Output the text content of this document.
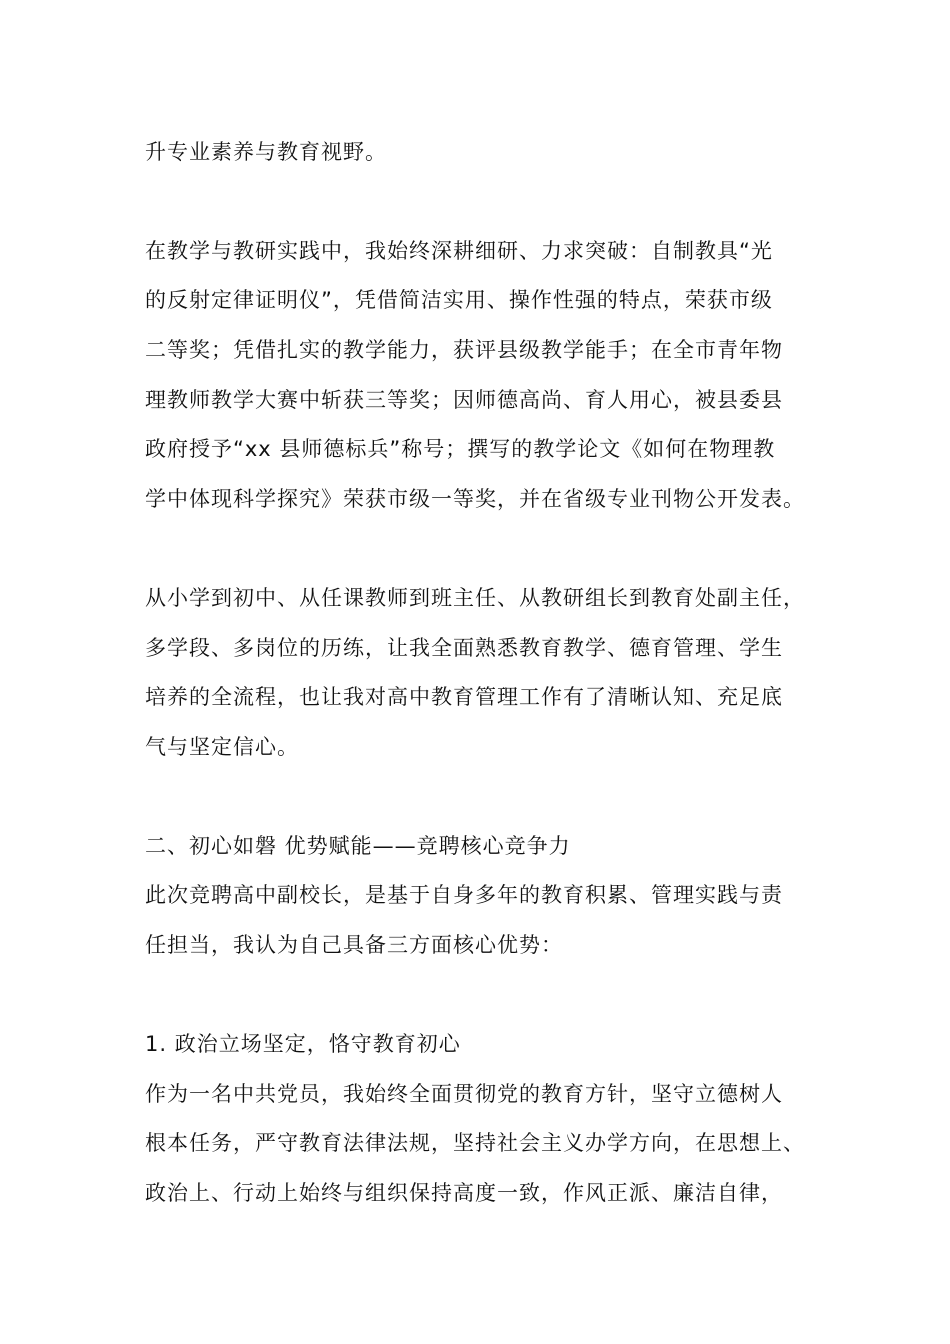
升专业素养与教育视野。
在教学与教研实践中，我始终深耕细研、力求突破：自制教具“光
的反射定律证明仪”，凭借简洁实用、操作性强的特点，荣获市级
二等奖；凭借扎实的教学能力，获评县级教学能手；在全市青年物
理教师教学大赛中斩获三等奖；因师德高尚、育人用心，被县委县
政府授予“xx 县师德标兵”称号；撰写的教学论文《如何在物理教
学中体现科学探究》荣获市级一等奖，并在省级专业刊物公开发表。
从小学到初中、从任课教师到班主任、从教研组长到教育处副主任，
多学段、多岗位的历练，让我全面熟悉教育教学、德育管理、学生
培养的全流程，也让我对高中教育管理工作有了清晰认知、充足底
气与坚定信心。
二、初心如磐 优势赋能——竞聘核心竞争力
此次竞聘高中副校长，是基于自身多年的教育积累、管理实践与责
任担当，我认为自己具备三方面核心优势：
1. 政治立场坚定，恪守教育初心
作为一名中共党员，我始终全面贯彻党的教育方针，坚守立德树人
根本任务，严守教育法律法规，坚持社会主义办学方向，在思想上、
政治上、行动上始终与组织保持高度一致，作风正派、廉洁自律，
